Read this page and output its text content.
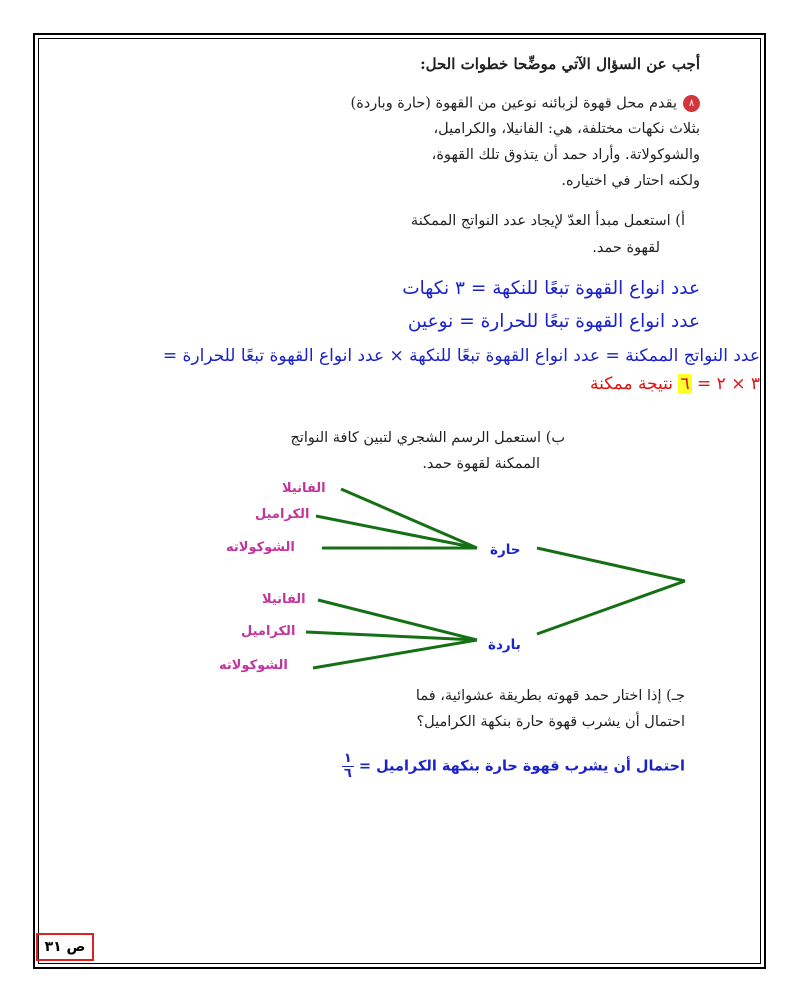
أجب عن السؤال الآتي موضِّحا خطوات الحل:
٨يقدم محل قهوة لزبائنه نوعين من القهوة (حارة وباردة)
بثلاث نكهات مختلفة، هي: الفانيلا، والكراميل،
والشوكولاتة. وأراد حمد أن يتذوق تلك القهوة،
ولكنه احتار في اختياره.
أ) استعمل مبدأ العدّ لإيجاد عدد النواتج الممكنة
لقهوة حمد.
عدد انواع القهوة تبعًا للنكهة = ٣ نكهات
عدد انواع القهوة تبعًا للحرارة = نوعين
عدد النواتج الممكنة = عدد انواع القهوة تبعًا للنكهة × عدد انواع القهوة تبعًا للحرارة =
٣ × ٢ = ٦ نتيجة ممكنة
ب) استعمل الرسم الشجري لتبين كافة النواتج
الممكنة لقهوة حمد.
الفانيلا
الكراميل
الشوكولاته	حارة
الفانيلا
الكراميل
الشوكولاته
باردة
جـ) إذا اختار حمد قهوته بطريقة عشوائية، فما
احتمال أن يشرب قهوة حارة بنكهة الكراميل؟
احتمال أن يشرب قهوة حارة بنكهة الكراميل =
$\frac{١}{٦}$
ص ٣١
